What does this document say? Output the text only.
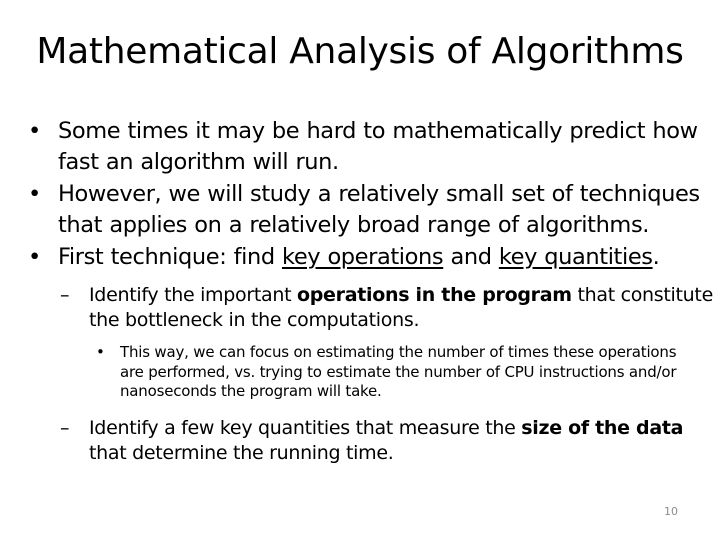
Mathematical Analysis of Algorithms

• Some times it may be hard to mathematically predict how fast an algorithm will run.

• However, we will study a relatively small set of techniques that applies on a relatively broad range of algorithms.

• First technique: find key operations and key quantities.

– Identify the important operations in the program that constitute the bottleneck in the computations.

• This way, we can focus on estimating the number of times these operations are performed, vs. trying to estimate the number of CPU instructions and/or nanoseconds the program will take.

– Identify a few key quantities that measure the size of the data that determine the running time.

10
